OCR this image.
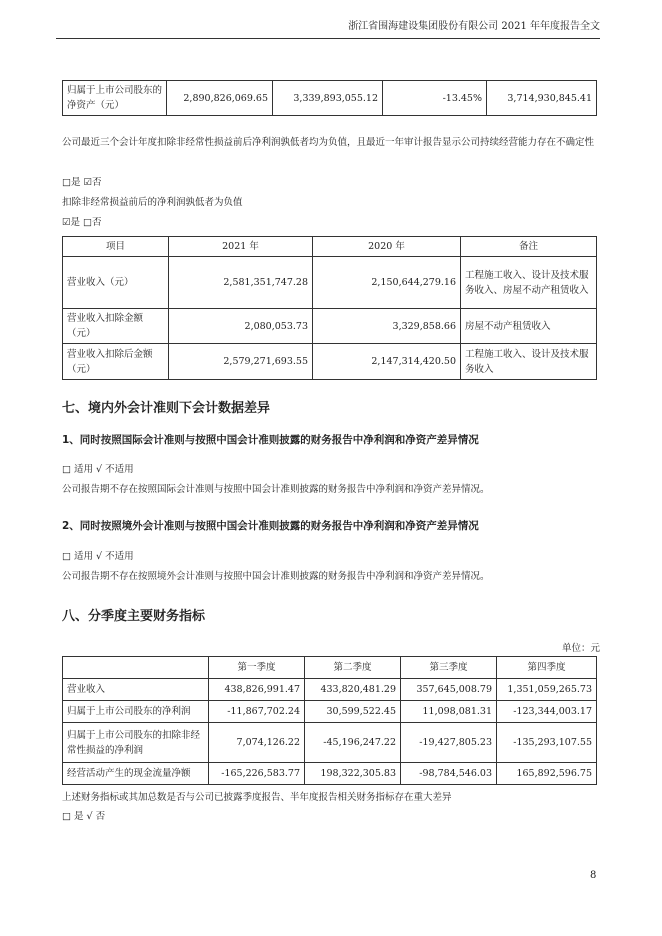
浙江省围海建设集团股份有限公司 2021 年年度报告全文
归属于上市公司股东的净资产（元）	2,890,826,069.65	3,339,893,055.12	-13.45%	3,714,930,845.41
公司最近三个会计年度扣除非经常性损益前后净利润孰低者均为负值，且最近一年审计报告显示公司持续经营能力存在不确定性
□是 ☑否
扣除非经常损益前后的净利润孰低者为负值
☑是 □否
项目	2021 年	2020 年	备注
营业收入（元）	2,581,351,747.28	2,150,644,279.16	工程施工收入、设计及技术服务收入、房屋不动产租赁收入
营业收入扣除金额（元）	2,080,053.73	3,329,858.66	房屋不动产租赁收入
营业收入扣除后金额（元）	2,579,271,693.55	2,147,314,420.50	工程施工收入、设计及技术服务收入
七、境内外会计准则下会计数据差异
1、同时按照国际会计准则与按照中国会计准则披露的财务报告中净利润和净资产差异情况
□ 适用 √ 不适用
公司报告期不存在按照国际会计准则与按照中国会计准则披露的财务报告中净利润和净资产差异情况。
2、同时按照境外会计准则与按照中国会计准则披露的财务报告中净利润和净资产差异情况
□ 适用 √ 不适用
公司报告期不存在按照境外会计准则与按照中国会计准则披露的财务报告中净利润和净资产差异情况。
八、分季度主要财务指标
单位：元
	第一季度	第二季度	第三季度	第四季度
营业收入	438,826,991.47	433,820,481.29	357,645,008.79	1,351,059,265.73
归属于上市公司股东的净利润	-11,867,702.24	30,599,522.45	11,098,081.31	-123,344,003.17
归属于上市公司股东的扣除非经常性损益的净利润	7,074,126.22	-45,196,247.22	-19,427,805.23	-135,293,107.55
经营活动产生的现金流量净额	-165,226,583.77	198,322,305.83	-98,784,546.03	165,892,596.75
上述财务指标或其加总数是否与公司已披露季度报告、半年度报告相关财务指标存在重大差异
□ 是 √ 否
8
